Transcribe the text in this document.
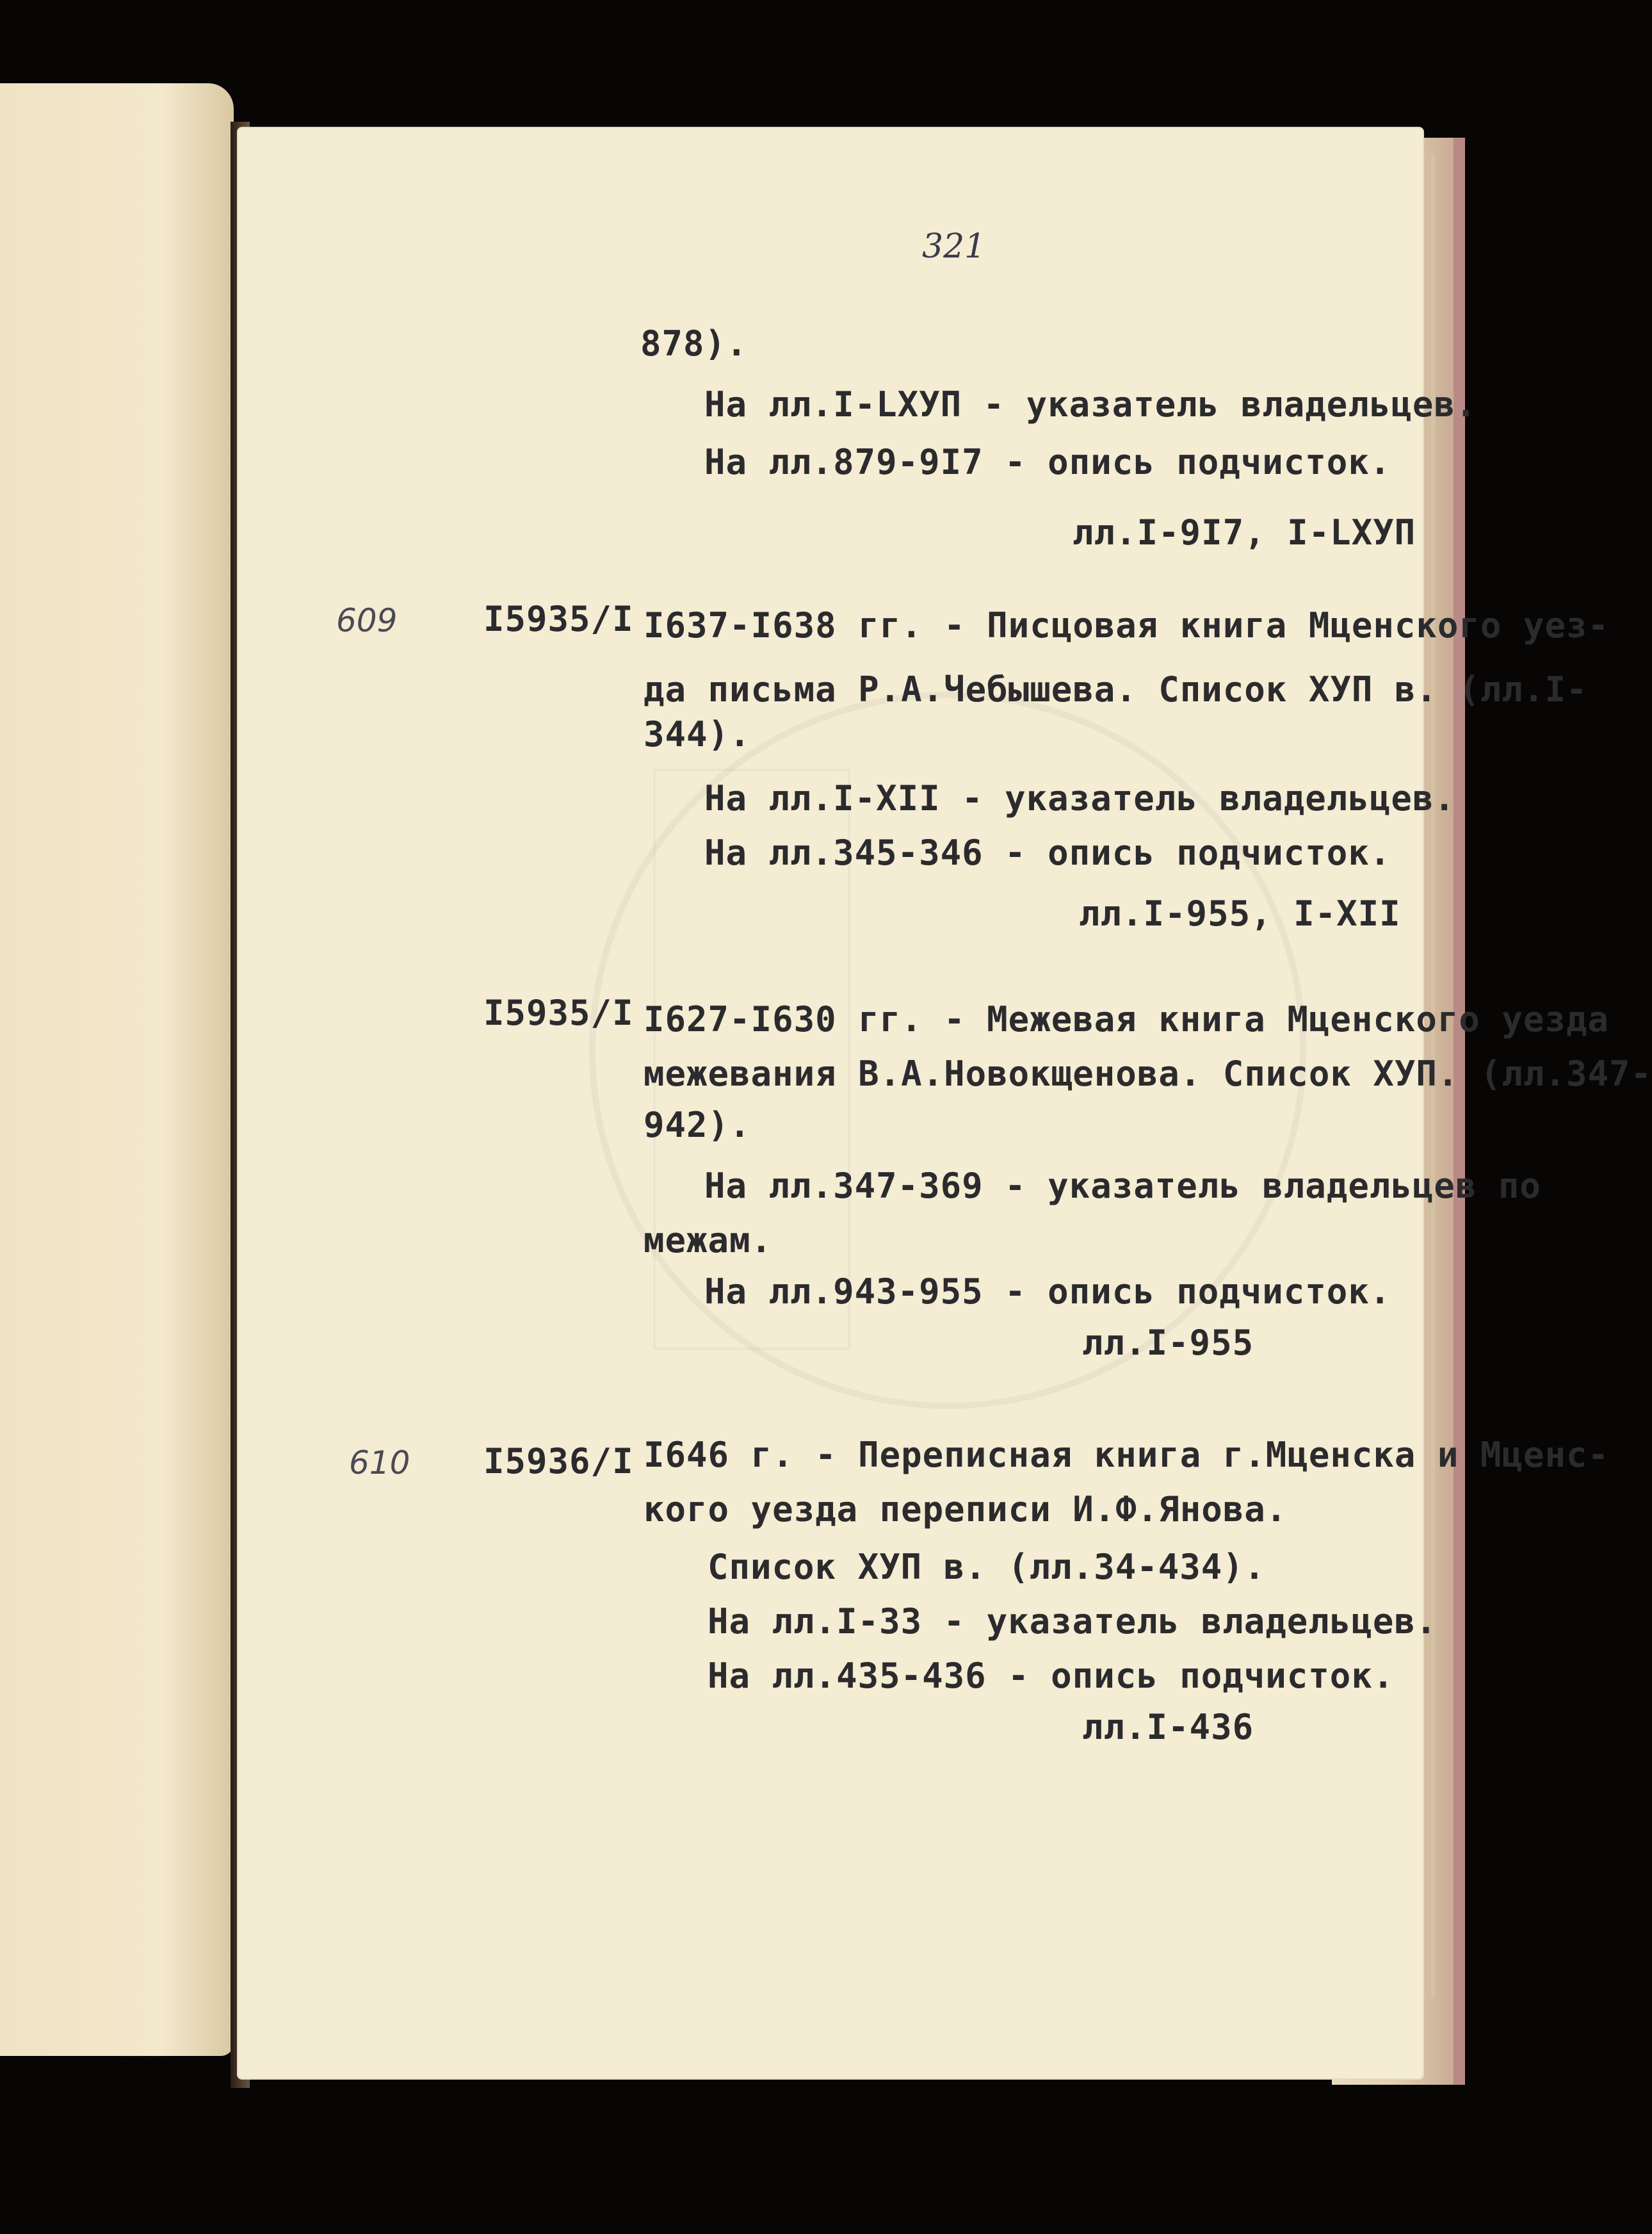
321
878).
На лл.I-LXУП - указатель владельцев.
На лл.879-9I7 - опись подчисток.
лл.I-9I7, I-LXУП
609 I5935/I I637-I638 гг. - Писцовая книга Мценского уез-
да письма Р.А.Чебышева. Список ХУП в. (лл.I-
344).
На лл.I-XII - указатель владельцев.
На лл.345-346 - опись подчисток.
лл.I-955, I-XII
I5935/I I627-I630 гг. - Межевая книга Мценского уезда
межевания В.А.Новокщенова. Список ХУП. (лл.347-
942).
На лл.347-369 - указатель владельцев по
межам.
На лл.943-955 - опись подчисток.
лл.I-955
610 I5936/I I646 г. - Переписная книга г.Мценска и Мценс-
кого уезда переписи И.Ф.Янова.
Список ХУП в. (лл.34-434).
На лл.I-33 - указатель владельцев.
На лл.435-436 - опись подчисток.
лл.I-436
